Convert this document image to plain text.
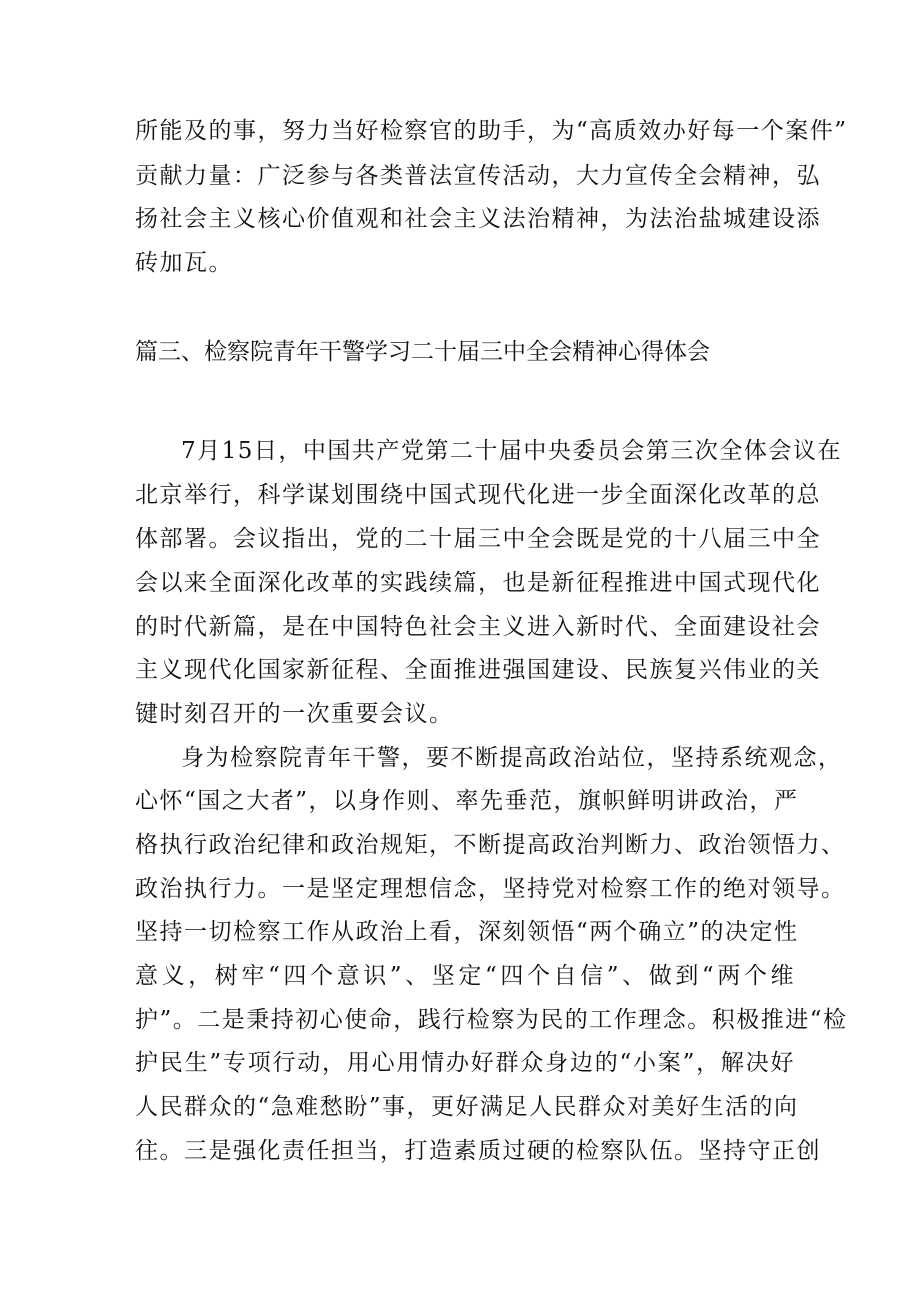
所能及的事，努力当好检察官的助手，为“高质效办好每一个案件”
贡献力量：广泛参与各类普法宣传活动，大力宣传全会精神，弘
扬社会主义核心价值观和社会主义法治精神，为法治盐城建设添
砖加瓦。
篇三、检察院青年干警学习二十届三中全会精神心得体会
7月15日，中国共产党第二十届中央委员会第三次全体会议在
北京举行，科学谋划围绕中国式现代化进一步全面深化改革的总
体部署。会议指出，党的二十届三中全会既是党的十八届三中全
会以来全面深化改革的实践续篇，也是新征程推进中国式现代化
的时代新篇，是在中国特色社会主义进入新时代、全面建设社会
主义现代化国家新征程、全面推进强国建设、民族复兴伟业的关
键时刻召开的一次重要会议。
身为检察院青年干警，要不断提高政治站位，坚持系统观念，
心怀“国之大者”，以身作则、率先垂范，旗帜鲜明讲政治，严
格执行政治纪律和政治规矩，不断提高政治判断力、政治领悟力、
政治执行力。一是坚定理想信念，坚持党对检察工作的绝对领导。
坚持一切检察工作从政治上看，深刻领悟“两个确立”的决定性
意义，树牢“四个意识”、坚定“四个自信”、做到“两个维
护”。二是秉持初心使命，践行检察为民的工作理念。积极推进“检
护民生”专项行动，用心用情办好群众身边的“小案”，解决好
人民群众的“急难愁盼”事，更好满足人民群众对美好生活的向
往。三是强化责任担当，打造素质过硬的检察队伍。坚持守正创
